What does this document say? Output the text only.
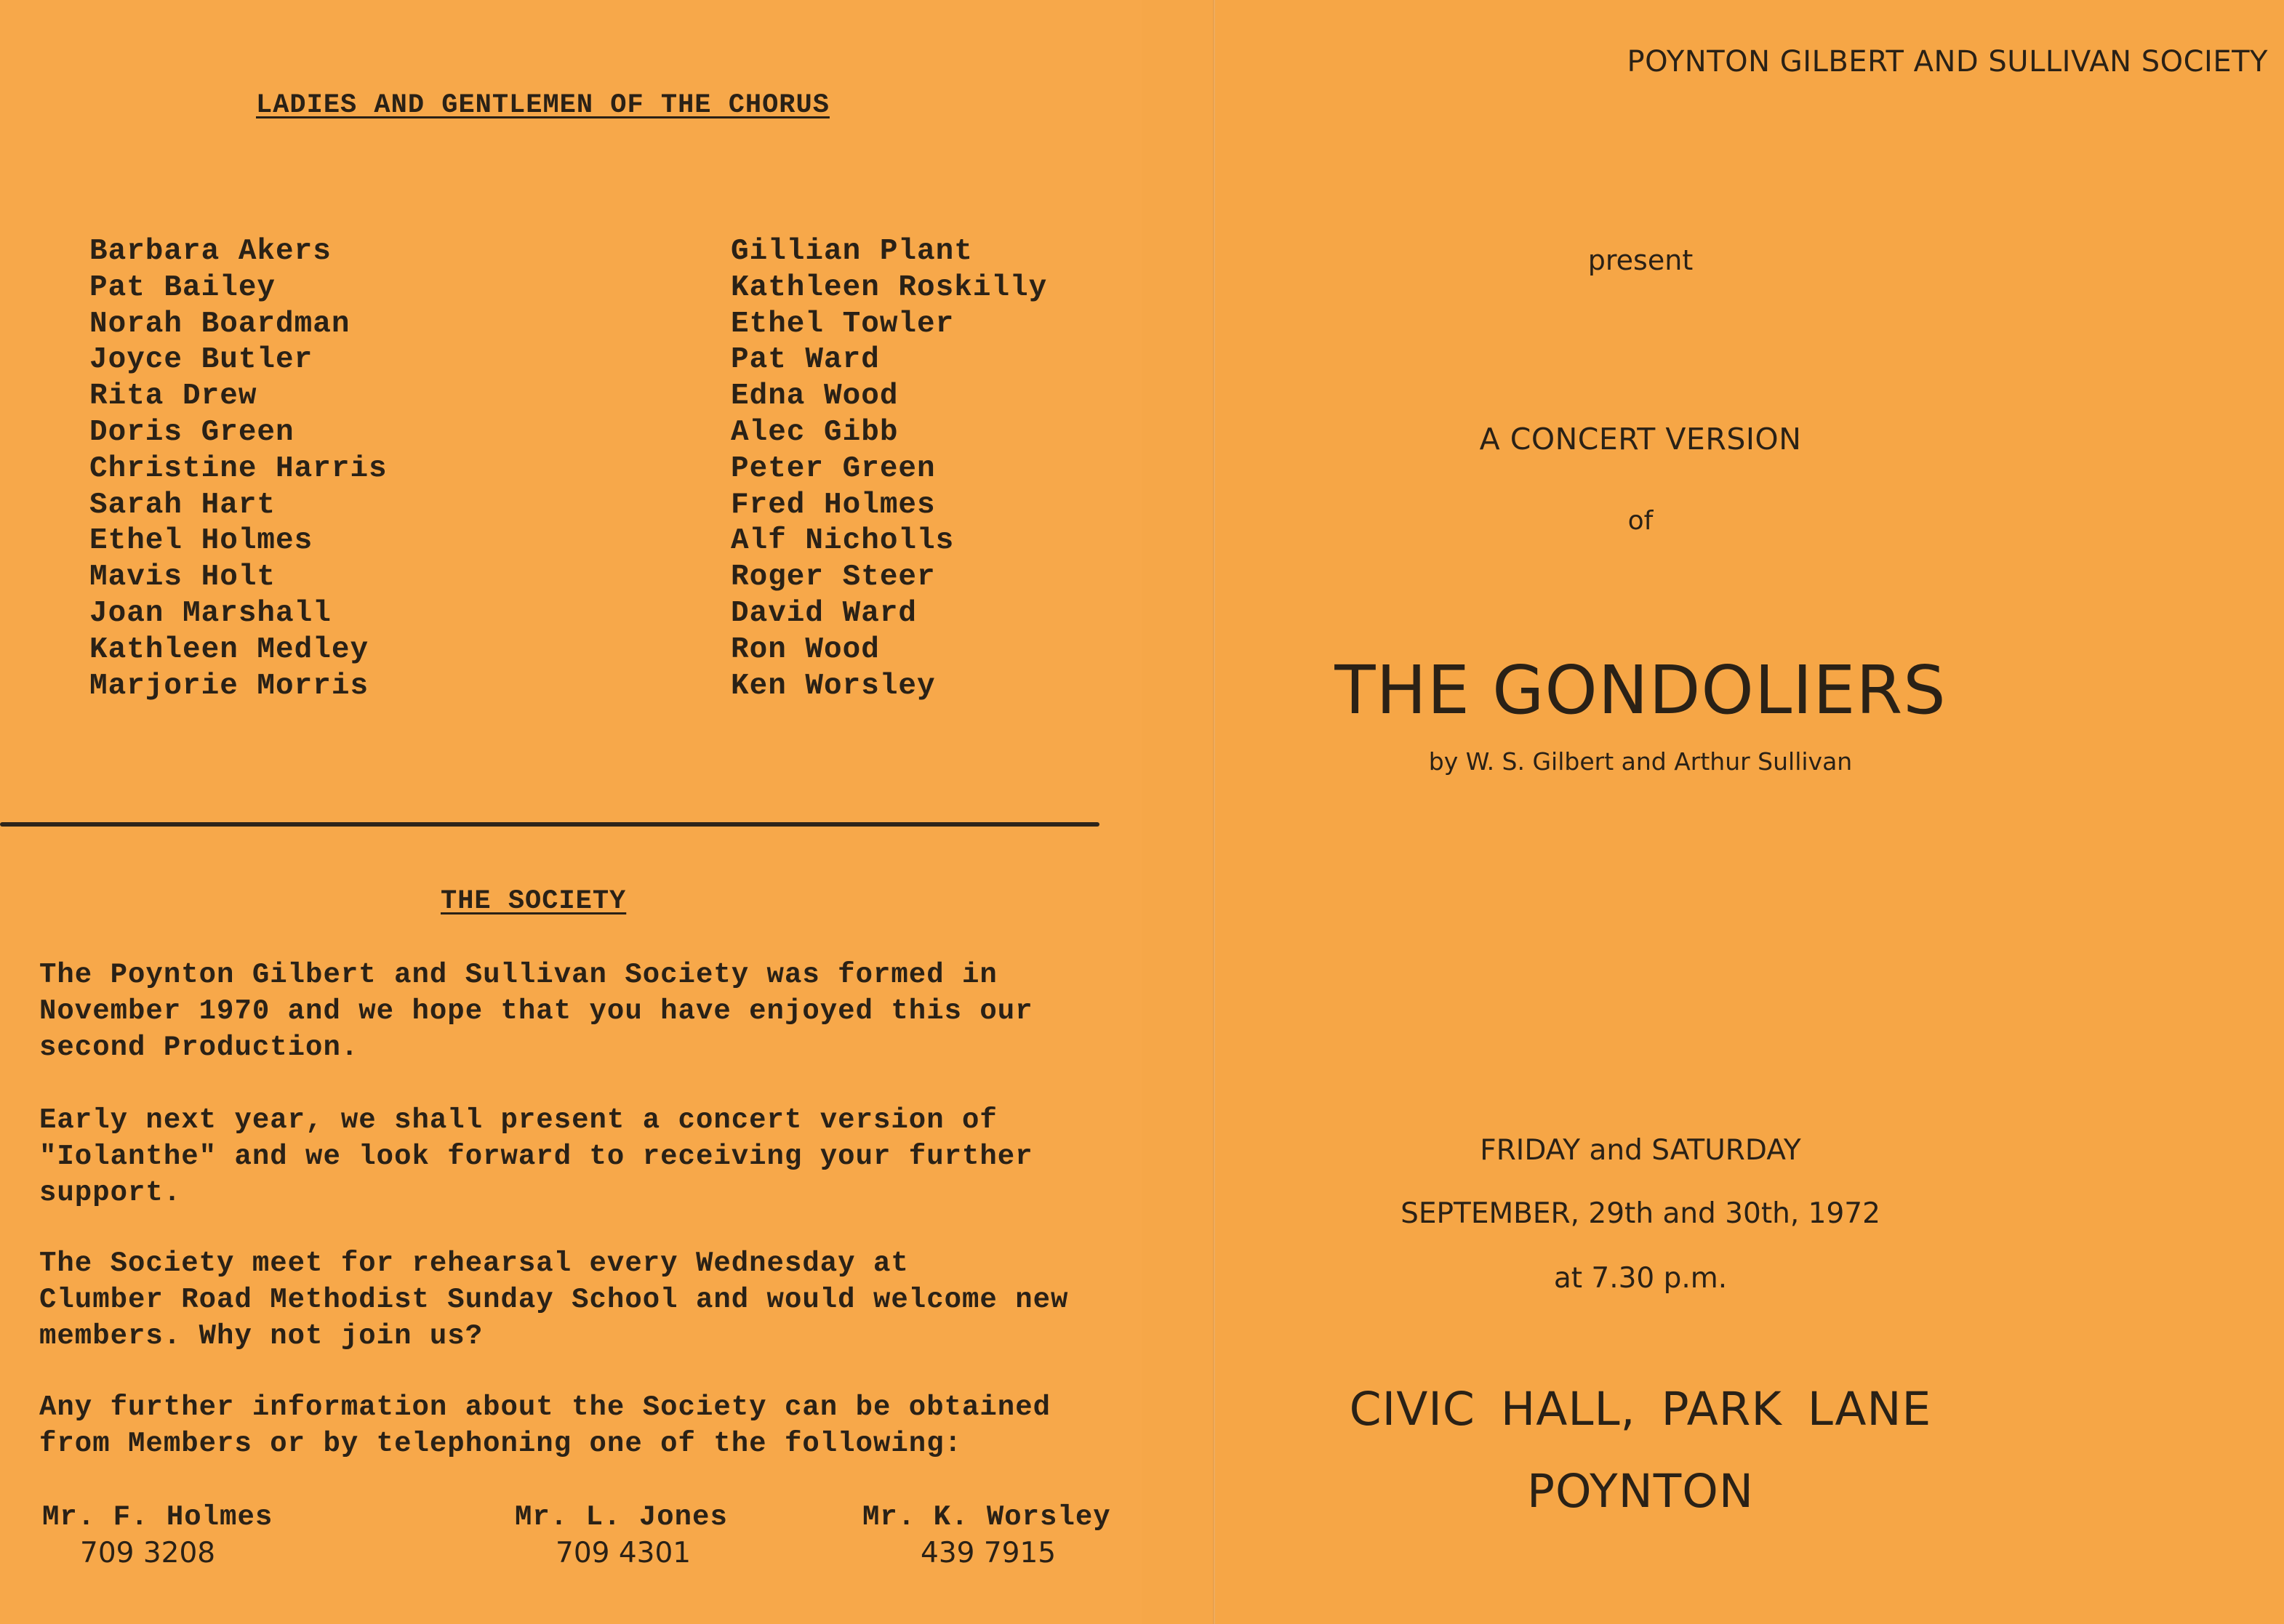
LADIES AND GENTLEMEN OF THE CHORUS
Barbara Akers
Pat Bailey
Norah Boardman
Joyce Butler
Rita Drew
Doris Green
Christine Harris
Sarah Hart
Ethel Holmes
Mavis Holt
Joan Marshall
Kathleen Medley
Marjorie Morris
Gillian Plant
Kathleen Roskilly
Ethel Towler
Pat Ward
Edna Wood
Alec Gibb
Peter Green
Fred Holmes
Alf Nicholls
Roger Steer
David Ward
Ron Wood
Ken Worsley
THE SOCIETY
The Poynton Gilbert and Sullivan Society was formed in
November 1970 and we hope that you have enjoyed this our
second Production.
Early next year, we shall present a concert version of
"Iolanthe" and we look forward to receiving your further
support.
The Society meet for rehearsal every Wednesday at
Clumber Road Methodist Sunday School and would welcome new
members. Why not join us?
Any further information about the Society can be obtained
from Members or by telephoning one of the following:
Mr. F. Holmes
709 3208
Mr. L. Jones
709 4301
Mr. K. Worsley
439 7915
POYNTON GILBERT AND SULLIVAN SOCIETY
present
A CONCERT VERSION
of
THE GONDOLIERS
by W. S. Gilbert and Arthur Sullivan
FRIDAY and SATURDAY
SEPTEMBER, 29th and 30th, 1972
at 7.30 p.m.
CIVIC HALL, PARK LANE
POYNTON
